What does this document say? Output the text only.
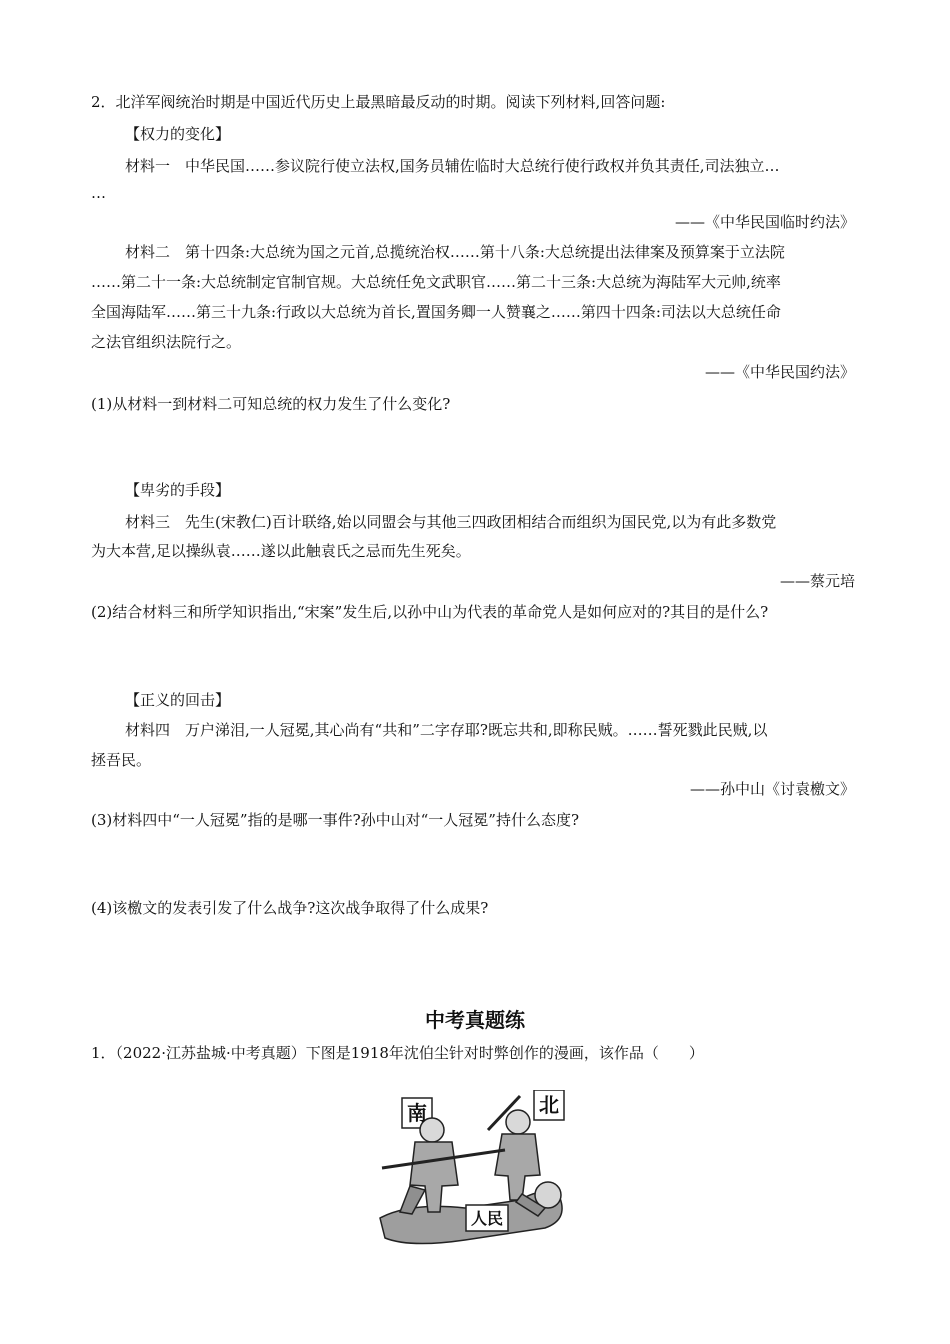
2．北洋军阀统治时期是中国近代历史上最黑暗最反动的时期。阅读下列材料,回答问题:
【权力的变化】
材料一　中华民国……参议院行使立法权,国务员辅佐临时大总统行使行政权并负其责任,司法独立…
…
——《中华民国临时约法》
材料二　第十四条:大总统为国之元首,总揽统治权……第十八条:大总统提出法律案及预算案于立法院
……第二十一条:大总统制定官制官规。大总统任免文武职官……第二十三条:大总统为海陆军大元帅,统率
全国海陆军……第三十九条:行政以大总统为首长,置国务卿一人赞襄之……第四十四条:司法以大总统任命
之法官组织法院行之。
——《中华民国约法》
(1)从材料一到材料二可知总统的权力发生了什么变化?
【卑劣的手段】
材料三　先生(宋教仁)百计联络,始以同盟会与其他三四政团相结合而组织为国民党,以为有此多数党
为大本营,足以操纵袁……遂以此触袁氏之忌而先生死矣。
——蔡元培
(2)结合材料三和所学知识指出,“宋案”发生后,以孙中山为代表的革命党人是如何应对的?其目的是什么?
【正义的回击】
材料四　万户涕泪,一人冠冕,其心尚有“共和”二字存耶?既忘共和,即称民贼。……誓死戮此民贼,以
拯吾民。
——孙中山《讨袁檄文》
(3)材料四中“一人冠冕”指的是哪一事件?孙中山对“一人冠冕”持什么态度?
(4)该檄文的发表引发了什么战争?这次战争取得了什么成果?
中考真题练
1．（2022·江苏盐城·中考真题）下图是1918年沈伯尘针对时弊创作的漫画，该作品（　　）
南	北
人民
